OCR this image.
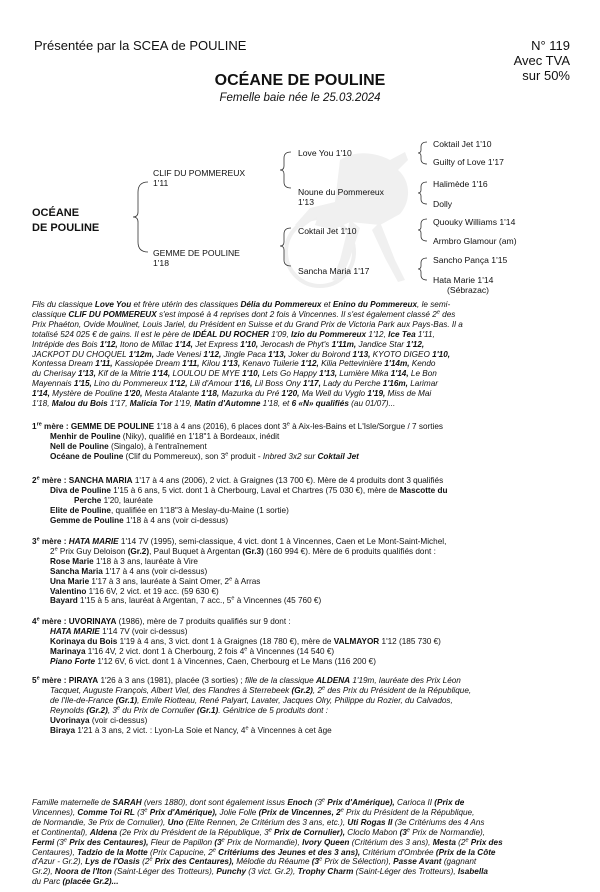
Présentée par la SCEA de POULINE	N° 119
Avec TVA
sur 50%
OCÉANE DE POULINE
Femelle baie née le 25.03.2024
OCÉANE
DE POULINE
CLIF DU POMMEREUX
1'11
GEMME DE POULINE
1'18
Love You 1'10
Noune du Pommereux
1'13
Coktail Jet 1'10
Sancha Maria 1'17
Coktail Jet 1'10
Guilty of Love 1'17
Halimède 1'16
Dolly
Quouky Williams 1'14
Armbro Glamour (am)
Sancho Pança 1'15
Hata Marie 1'14
(Sébrazac)
Fils du classique Love You et frère utérin des classiques Délia du Pommereux et Enino du Pommereux, le semi-
classique CLIF DU POMMEREUX s'est imposé à 4 reprises dont 2 fois à Vincennes. Il s'est également classé 2e des
Prix Phaéton, Ovide Moulinet, Louis Jariel, du Président en Suisse et du Grand Prix de Victoria Park aux Pays-Bas. Il a
totalisé 524 025 € de gains. Il est le père de IDÉAL DU ROCHER 1'09, Izio du Pommereux 1'12, Ice Tea 1'11,
Intrépide des Bois 1'12, Itono de Millac 1'14, Jet Express 1'10, Jerocash de Phyt's 1'11m, Jandice Star 1'12,
JACKPOT DU CHOQUEL 1'12m, Jade Venesi 1'12, Jingle Paca 1'13, Joker du Boirond 1'13, KYOTO DIGEO 1'10,
Kontessa Dream 1'11, Kassiopée Dream 1'11, Kilou 1'13, Kenavo Tuilerie 1'12, Kilia Pettevinière 1'14m, Kendo
du Cherisay 1'13, Kif de la Mitrie 1'14, LOULOU DE MYE 1'10, Lets Go Happy 1'13, Lumière Mika 1'14, Le Bon
Mayennais 1'15, Lino du Pommereux 1'12, Lili d'Amour 1'16, Lil Boss Ony 1'17, Lady du Perche 1'16m, Larimar
1'14, Mystère de Pouline 1'20, Mesta Atalante 1'18, Mazurka du Pré 1'20, Ma Well du Vyglo 1'19, Miss de Mai
1'18, Malou du Bois 1'17, Malicia Tor 1'19, Matin d'Automne 1'18, et 6 «N» qualifiés (au 01/07)...
1re mère : GEMME DE POULINE 1'18 à 4 ans (2016), 6 places dont 3e à Aix-les-Bains et L'Isle/Sorgue / 7 sorties
Menhir de Pouline (Niky), qualifié en 1'18"1 à Bordeaux, inédit
Nell de Pouline (Singalo), à l'entraînement
Océane de Pouline (Clif du Pommereux), son 3e produit - Inbred 3x2 sur Coktail Jet
2e mère : SANCHA MARIA 1'17 à 4 ans (2006), 2 vict. à Graignes (13 700 €). Mère de 4 produits dont 3 qualifiés
Diva de Pouline 1'15 à 6 ans, 5 vict. dont 1 à Cherbourg, Laval et Chartres (75 030 €), mère de Mascotte du
Perche 1'20, lauréate
Elite de Pouline, qualifiée en 1'18"3 à Meslay-du-Maine (1 sortie)
Gemme de Pouline 1'18 à 4 ans (voir ci-dessus)
3e mère : HATA MARIE 1'14 7V (1995), semi-classique, 4 vict. dont 1 à Vincennes, Caen et Le Mont-Saint-Michel,
2e Prix Guy Deloison (Gr.2), Paul Buquet à Argentan (Gr.3) (160 994 €). Mère de 6 produits qualifiés dont :
Rose Marie 1'18 à 3 ans, lauréate à Vire
Sancha Maria 1'17 à 4 ans (voir ci-dessus)
Una Marie 1'17 à 3 ans, lauréate à Saint Omer, 2e à Arras
Valentino 1'16 6V, 2 vict. et 19 acc. (59 630 €)
Bayard 1'15 à 5 ans, lauréat à Argentan, 7 acc., 5e à Vincennes (45 760 €)
4e mère : UVORINAYA (1986), mère de 7 produits qualifiés sur 9 dont :
HATA MARIE 1'14 7V (voir ci-dessus)
Korinaya du Bois 1'19 à 4 ans, 3 vict. dont 1 à Graignes (18 780 €), mère de VALMAYOR 1'12 (185 730 €)
Marinaya 1'16 4V, 2 vict. dont 1 à Cherbourg, 2 fois 4e à Vincennes (14 540 €)
Piano Forte 1'12 6V, 6 vict. dont 1 à Vincennes, Caen, Cherbourg et Le Mans (116 200 €)
5e mère : PIRAYA 1'26 à 3 ans (1981), placée (3 sorties) ; fille de la classique ALDENA 1'19m, lauréate des Prix Léon
Tacquet, Auguste François, Albert Viel, des Flandres à Sterrebeek (Gr.2), 2e des Prix du Président de la République,
de l'Ile-de-France (Gr.1), Emile Riotteau, René Palyart, Lavater, Jacques Olry, Philippe du Rozier, du Calvados,
Reynolds (Gr.2), 3e du Prix de Cornulier (Gr.1). Génitrice de 5 produits dont :
Uvorinaya (voir ci-dessus)
Biraya 1'21 à 3 ans, 2 vict. : Lyon-La Soie et Nancy, 4e à Vincennes à cet âge
Famille maternelle de SARAH (vers 1880), dont sont également issus Enoch (3e Prix d'Amérique), Carioca II (Prix de
Vincennes), Comme Toi RL (3e Prix d'Amérique), Jolie Folle (Prix de Vincennes, 2e Prix du Président de la République,
de Normandie, 3e Prix de Cornulier), Uno (Elite Rennen, 2e Critérium des 3 ans, etc.), Uti Rogas II (3e Critériums des 4 Ans
et Continental), Aldena (2e Prix du Président de la République, 3e Prix de Cornulier), Cloclo Mabon (3e Prix de Normandie),
Fermi (3e Prix des Centaures), Fleur de Papillon (3e Prix de Normandie), Ivory Queen (Critérium des 3 ans), Mesta (2e Prix des
Centaures), Tadzio de la Motte (Prix Capucine, 2e Critériums des Jeunes et des 3 ans), Critérium d'Ombrée (Prix de la Côte
d'Azur - Gr.2), Lys de l'Oasis (2e Prix des Centaures), Mélodie du Réaume (3e Prix de Sélection), Passe Avant (gagnant
Gr.2), Noora de l'Iton (Saint-Léger des Trotteurs), Punchy (3 vict. Gr.2), Trophy Charm (Saint-Léger des Trotteurs), Isabella
du Parc (placée Gr.2)...
